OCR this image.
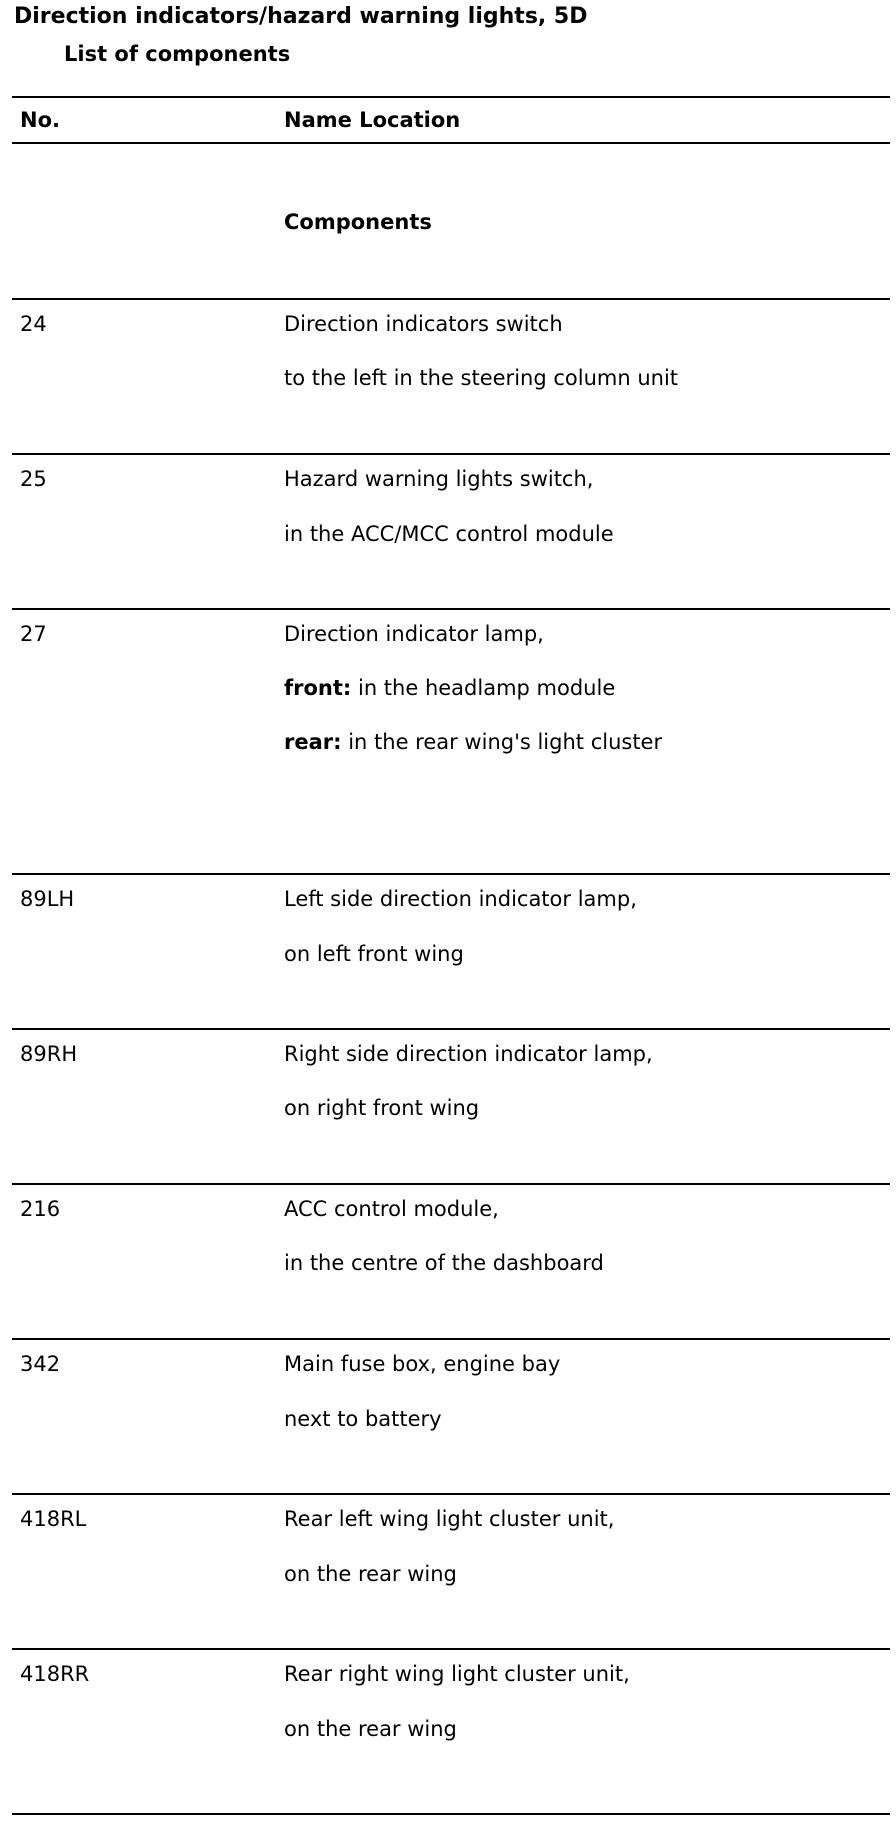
Direction indicators/hazard warning lights, 5D
List of components
No.	Name Location
Components
24	Direction indicators switch
to the left in the steering column unit
25	Hazard warning lights switch,
in the ACC/MCC control module
27	Direction indicator lamp,
front: in the headlamp module
rear: in the rear wing's light cluster
89LH	Left side direction indicator lamp,
on left front wing
89RH	Right side direction indicator lamp,
on right front wing
216	ACC control module,
in the centre of the dashboard
342	Main fuse box, engine bay
next to battery
418RL	Rear left wing light cluster unit,
on the rear wing
418RR	Rear right wing light cluster unit,
on the rear wing
